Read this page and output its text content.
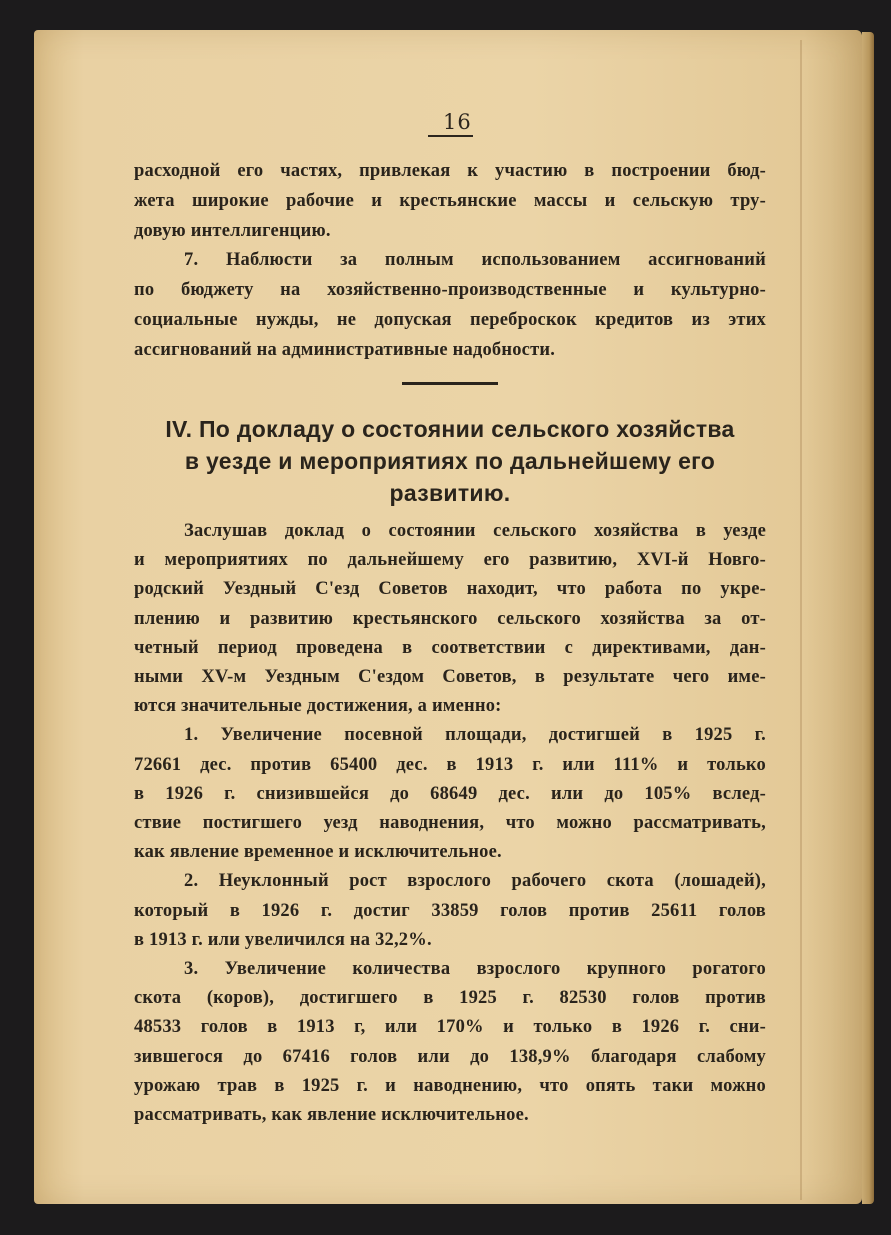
16
расходной его частях, привлекая к участию в построении бюд-
жета широкие рабочие и крестьянские массы и сельскую тру-
довую интеллигенцию.
7. Наблюсти за полным использованием ассигнований
по бюджету на хозяйственно-производственные и культурно-
социальные нужды, не допуская переброскок кредитов из этих
ассигнований на административные надобности.
IV. По докладу о состоянии сельского хозяйства
в уезде и мероприятиях по дальнейшему его
развитию.
Заслушав доклад о состоянии сельского хозяйства в уезде
и мероприятиях по дальнейшему его развитию, XVI-й Новго-
родский Уездный С'езд Советов находит, что работа по укре-
плению и развитию крестьянского сельского хозяйства за от-
четный период проведена в соответствии с директивами, дан-
ными XV-м Уездным С'ездом Советов, в результате чего име-
ются значительные достижения, а именно:
1. Увеличение посевной площади, достигшей в 1925 г.
72661 дес. против 65400 дес. в 1913 г. или 111% и только
в 1926 г. снизившейся до 68649 дес. или до 105% вслед-
ствие постигшего уезд наводнения, что можно рассматривать,
как явление временное и исключительное.
2. Неуклонный рост взрослого рабочего скота (лошадей),
который в 1926 г. достиг 33859 голов против 25611 голов
в 1913 г. или увеличился на 32,2%.
3. Увеличение количества взрослого крупного рогатого
скота (коров), достигшего в 1925 г. 82530 голов против
48533 голов в 1913 г, или 170% и только в 1926 г. сни-
зившегося до 67416 голов или до 138,9% благодаря слабому
урожаю трав в 1925 г. и наводнению, что опять таки можно
рассматривать, как явление исключительное.
